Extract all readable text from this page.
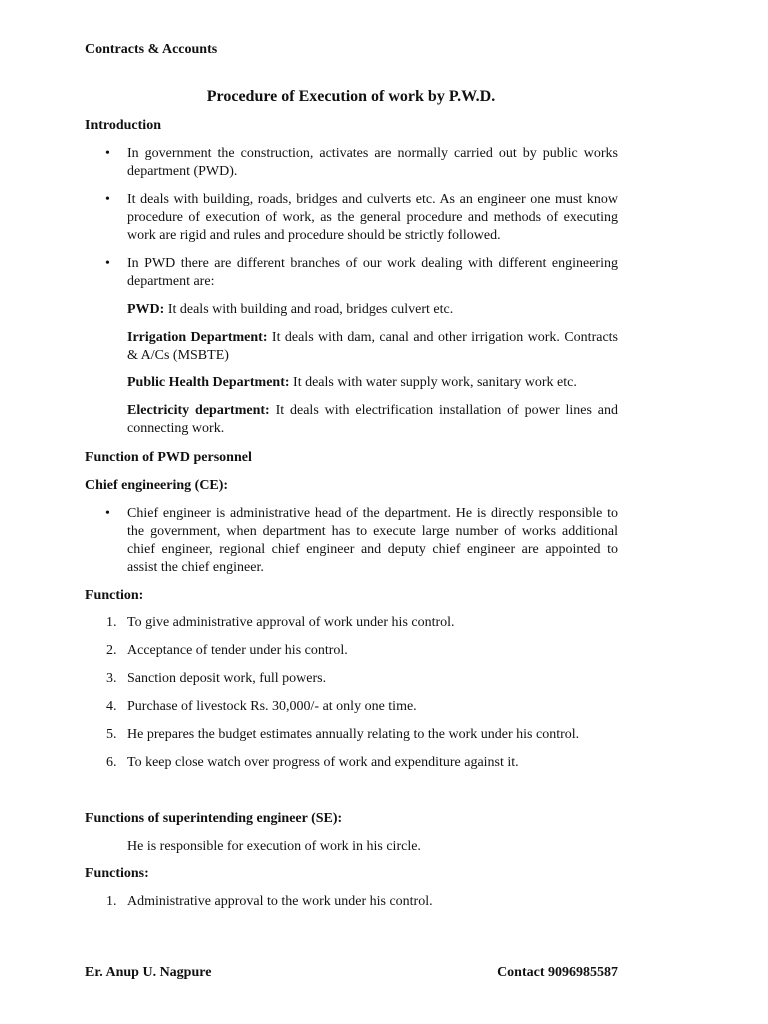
Contracts & Accounts
Procedure of Execution of work by P.W.D.
Introduction
•	In government the construction, activates are normally carried out by public works department (PWD).
•	It deals with building, roads, bridges and culverts etc. As an engineer one must know procedure of execution of work, as the general procedure and methods of executing work are rigid and rules and procedure should be strictly followed.
•	In PWD there are different branches of our work dealing with different engineering department are:
PWD: It deals with building and road, bridges culvert etc.
Irrigation Department: It deals with dam, canal and other irrigation work. Contracts & A/Cs (MSBTE)
Public Health Department: It deals with water supply work, sanitary work etc.
Electricity department: It deals with electrification installation of power lines and connecting work.
Function of PWD personnel
Chief engineering (CE):
•	Chief engineer is administrative head of the department. He is directly responsible to the government, when department has to execute large number of works additional chief engineer, regional chief engineer and deputy chief engineer are appointed to assist the chief engineer.
Function:
1. To give administrative approval of work under his control.
2. Acceptance of tender under his control.
3. Sanction deposit work, full powers.
4. Purchase of livestock Rs. 30,000/- at only one time.
5. He prepares the budget estimates annually relating to the work under his control.
6. To keep close watch over progress of work and expenditure against it.
Functions of superintending engineer (SE):
He is responsible for execution of work in his circle.
Functions:
1. Administrative approval to the work under his control.
Er. Anup U. Nagpure	Contact 9096985587
